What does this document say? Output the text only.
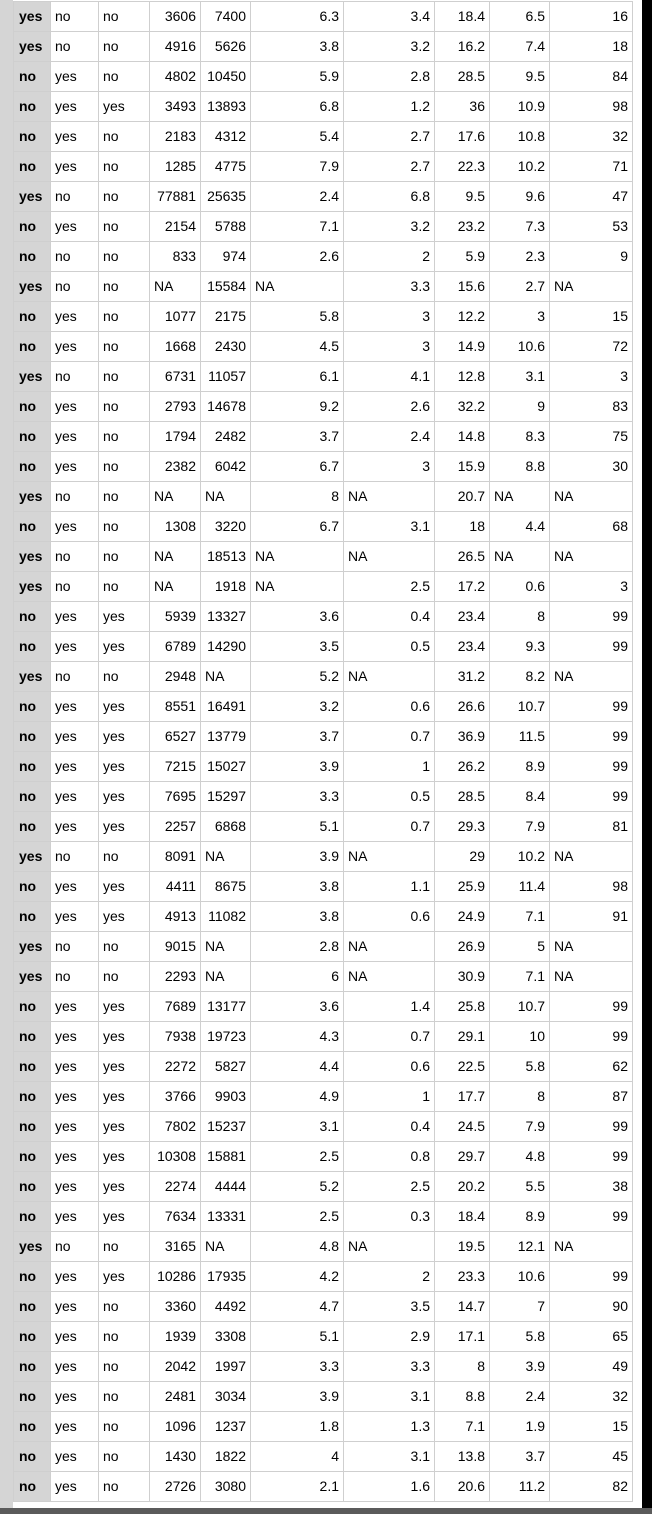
yes	no	no	3606	7400	6.3	3.4	18.4	6.5	16
yes	no	no	4916	5626	3.8	3.2	16.2	7.4	18
no	yes	no	4802	10450	5.9	2.8	28.5	9.5	84
no	yes	yes	3493	13893	6.8	1.2	36	10.9	98
no	yes	no	2183	4312	5.4	2.7	17.6	10.8	32
no	yes	no	1285	4775	7.9	2.7	22.3	10.2	71
yes	no	no	77881	25635	2.4	6.8	9.5	9.6	47
no	yes	no	2154	5788	7.1	3.2	23.2	7.3	53
no	no	no	833	974	2.6	2	5.9	2.3	9
yes	no	no	NA	15584	NA	3.3	15.6	2.7	NA
no	yes	no	1077	2175	5.8	3	12.2	3	15
no	yes	no	1668	2430	4.5	3	14.9	10.6	72
yes	no	no	6731	11057	6.1	4.1	12.8	3.1	3
no	yes	no	2793	14678	9.2	2.6	32.2	9	83
no	yes	no	1794	2482	3.7	2.4	14.8	8.3	75
no	yes	no	2382	6042	6.7	3	15.9	8.8	30
yes	no	no	NA	NA	8	NA	20.7	NA	NA
no	yes	no	1308	3220	6.7	3.1	18	4.4	68
yes	no	no	NA	18513	NA	NA	26.5	NA	NA
yes	no	no	NA	1918	NA	2.5	17.2	0.6	3
no	yes	yes	5939	13327	3.6	0.4	23.4	8	99
no	yes	yes	6789	14290	3.5	0.5	23.4	9.3	99
yes	no	no	2948	NA	5.2	NA	31.2	8.2	NA
no	yes	yes	8551	16491	3.2	0.6	26.6	10.7	99
no	yes	yes	6527	13779	3.7	0.7	36.9	11.5	99
no	yes	yes	7215	15027	3.9	1	26.2	8.9	99
no	yes	yes	7695	15297	3.3	0.5	28.5	8.4	99
no	yes	yes	2257	6868	5.1	0.7	29.3	7.9	81
yes	no	no	8091	NA	3.9	NA	29	10.2	NA
no	yes	yes	4411	8675	3.8	1.1	25.9	11.4	98
no	yes	yes	4913	11082	3.8	0.6	24.9	7.1	91
yes	no	no	9015	NA	2.8	NA	26.9	5	NA
yes	no	no	2293	NA	6	NA	30.9	7.1	NA
no	yes	yes	7689	13177	3.6	1.4	25.8	10.7	99
no	yes	yes	7938	19723	4.3	0.7	29.1	10	99
no	yes	yes	2272	5827	4.4	0.6	22.5	5.8	62
no	yes	yes	3766	9903	4.9	1	17.7	8	87
no	yes	yes	7802	15237	3.1	0.4	24.5	7.9	99
no	yes	yes	10308	15881	2.5	0.8	29.7	4.8	99
no	yes	yes	2274	4444	5.2	2.5	20.2	5.5	38
no	yes	yes	7634	13331	2.5	0.3	18.4	8.9	99
yes	no	no	3165	NA	4.8	NA	19.5	12.1	NA
no	yes	yes	10286	17935	4.2	2	23.3	10.6	99
no	yes	no	3360	4492	4.7	3.5	14.7	7	90
no	yes	no	1939	3308	5.1	2.9	17.1	5.8	65
no	yes	no	2042	1997	3.3	3.3	8	3.9	49
no	yes	no	2481	3034	3.9	3.1	8.8	2.4	32
no	yes	no	1096	1237	1.8	1.3	7.1	1.9	15
no	yes	no	1430	1822	4	3.1	13.8	3.7	45
no	yes	no	2726	3080	2.1	1.6	20.6	11.2	82
